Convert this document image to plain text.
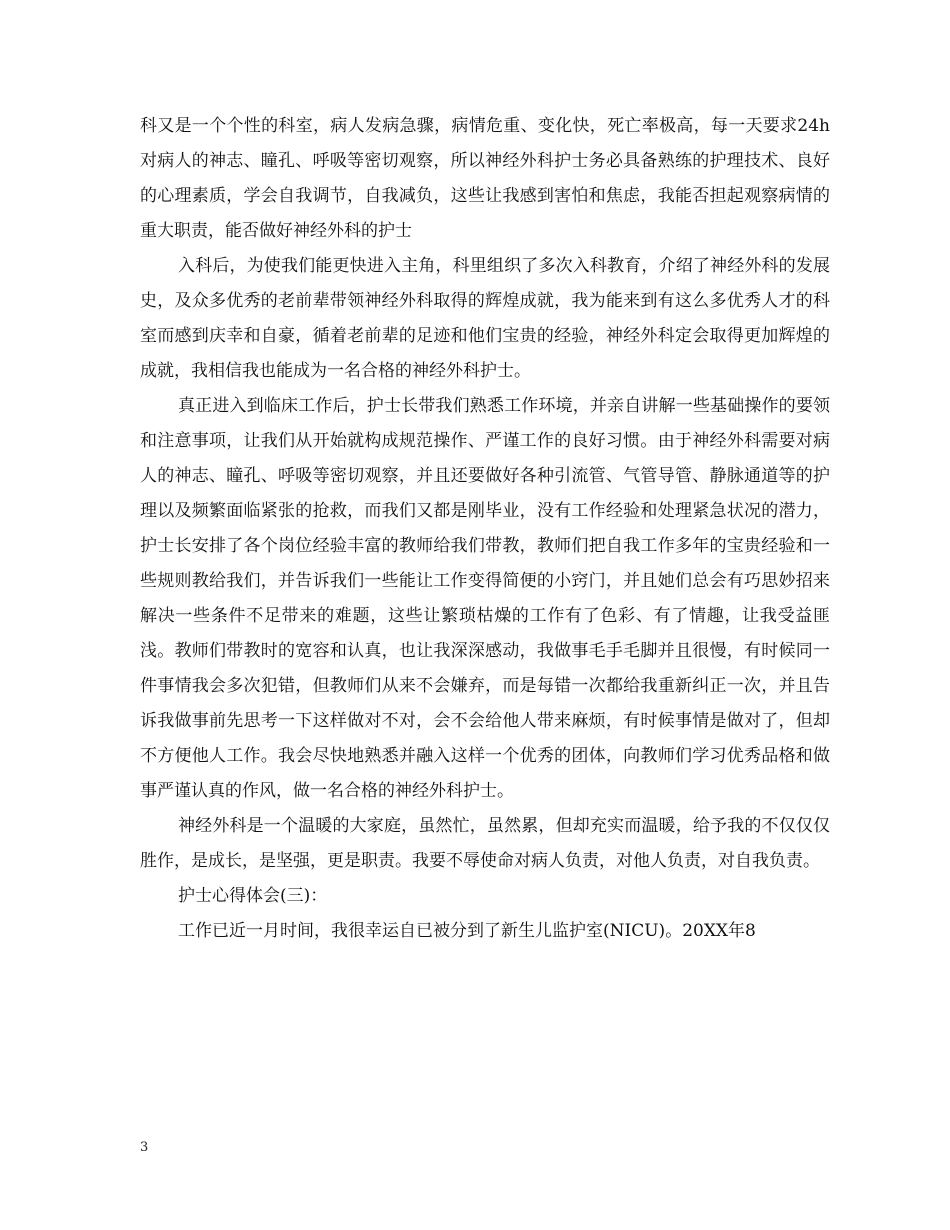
科又是一个个性的科室，病人发病急骤，病情危重、变化快，死亡率极高，每一天要求24h对病人的神志、瞳孔、呼吸等密切观察，所以神经外科护士务必具备熟练的护理技术、良好的心理素质，学会自我调节，自我减负，这些让我感到害怕和焦虑，我能否担起观察病情的重大职责，能否做好神经外科的护士

入科后，为使我们能更快进入主角，科里组织了多次入科教育，介绍了神经外科的发展史，及众多优秀的老前辈带领神经外科取得的辉煌成就，我为能来到有这么多优秀人才的科室而感到庆幸和自豪，循着老前辈的足迹和他们宝贵的经验，神经外科定会取得更加辉煌的成就，我相信我也能成为一名合格的神经外科护士。

真正进入到临床工作后，护士长带我们熟悉工作环境，并亲自讲解一些基础操作的要领和注意事项，让我们从开始就构成规范操作、严谨工作的良好习惯。由于神经外科需要对病人的神志、瞳孔、呼吸等密切观察，并且还要做好各种引流管、气管导管、静脉通道等的护理以及频繁面临紧张的抢救，而我们又都是刚毕业，没有工作经验和处理紧急状况的潜力，护士长安排了各个岗位经验丰富的教师给我们带教，教师们把自我工作多年的宝贵经验和一些规则教给我们，并告诉我们一些能让工作变得简便的小窍门，并且她们总会有巧思妙招来解决一些条件不足带来的难题，这些让繁琐枯燥的工作有了色彩、有了情趣，让我受益匪浅。教师们带教时的宽容和认真，也让我深深感动，我做事毛手毛脚并且很慢，有时候同一件事情我会多次犯错，但教师们从来不会嫌弃，而是每错一次都给我重新纠正一次，并且告诉我做事前先思考一下这样做对不对，会不会给他人带来麻烦，有时候事情是做对了，但却不方便他人工作。我会尽快地熟悉并融入这样一个优秀的团体，向教师们学习优秀品格和做事严谨认真的作风，做一名合格的神经外科护士。

神经外科是一个温暖的大家庭，虽然忙，虽然累，但却充实而温暖，给予我的不仅仅仅胜作，是成长，是坚强，更是职责。我要不辱使命对病人负责，对他人负责，对自我负责。

护士心得体会(三)：

工作已近一月时间，我很幸运自已被分到了新生儿监护室(NICU)。20XX年8

3
